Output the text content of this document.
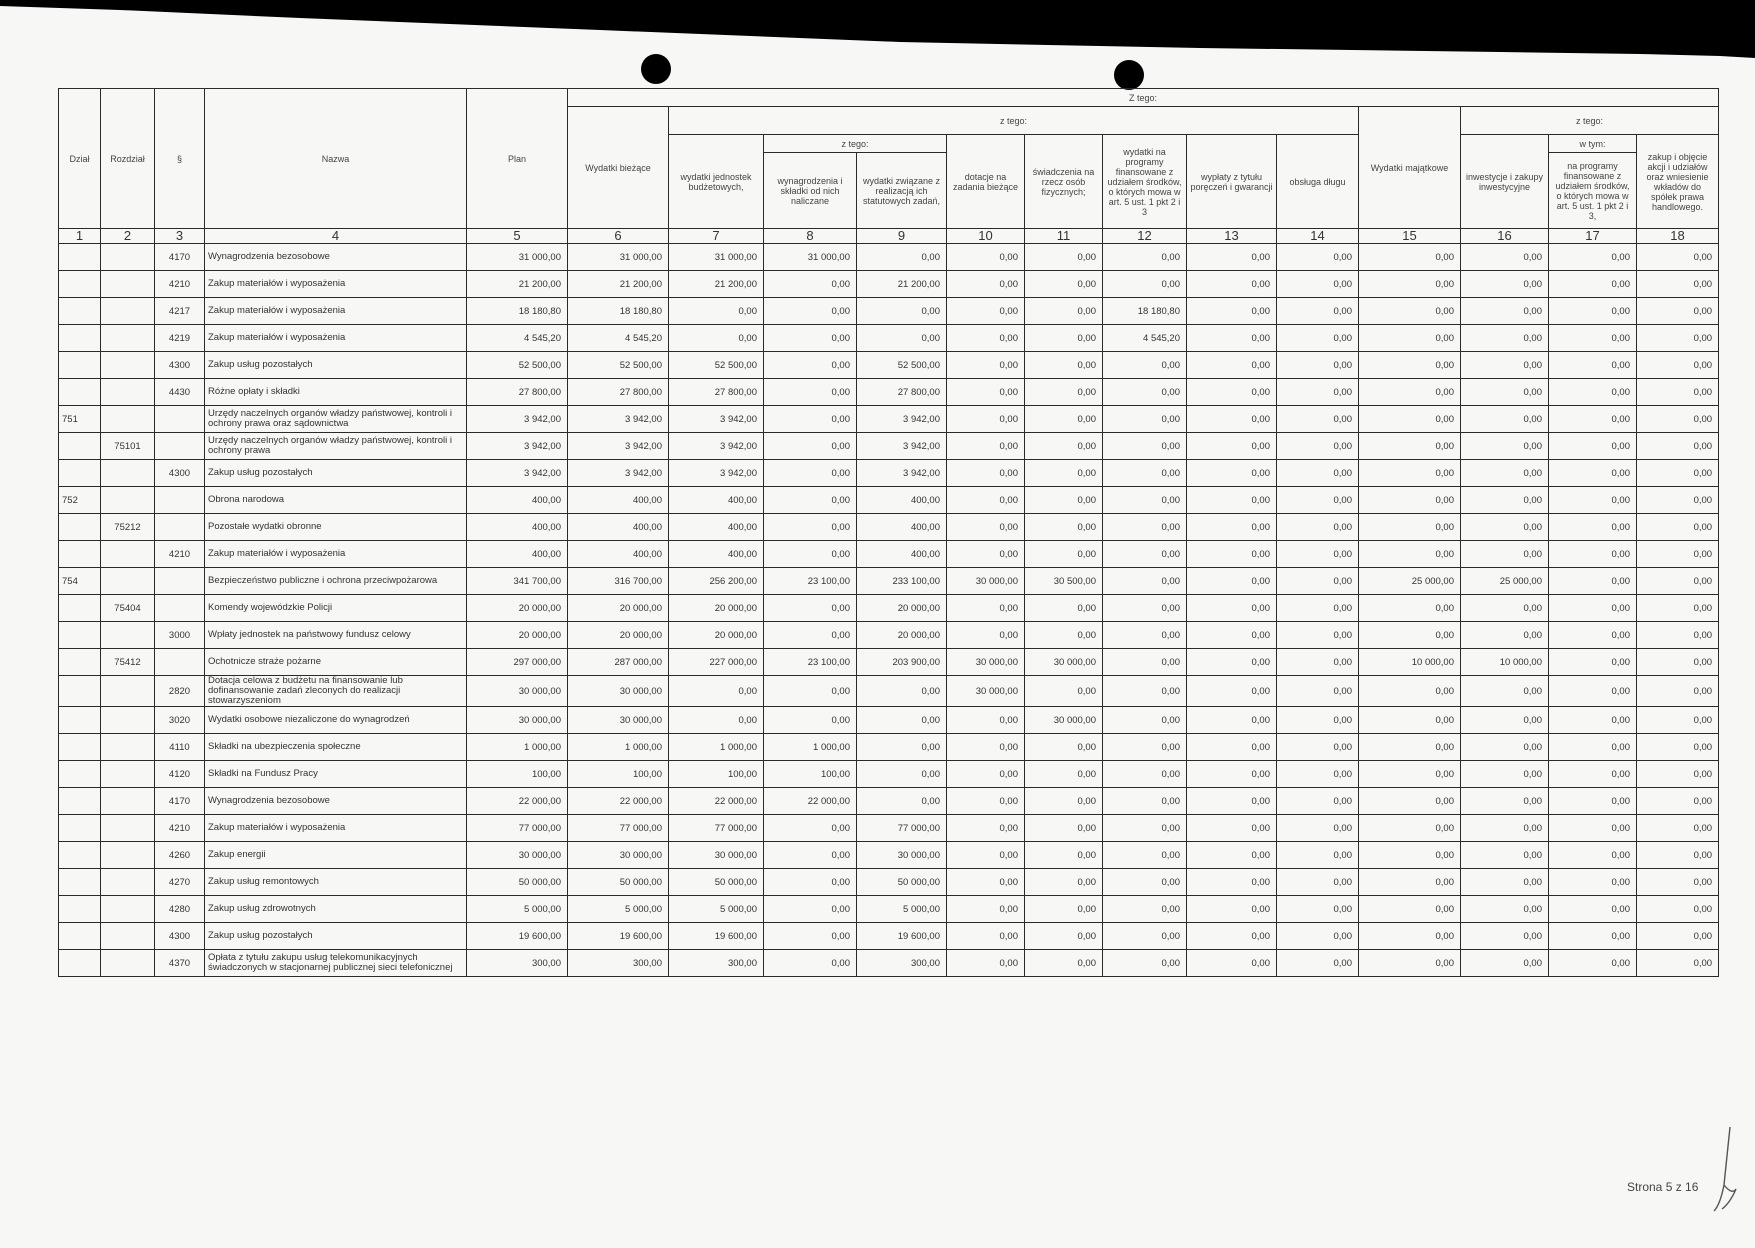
Dział	Rozdział	§	Nazwa	Plan	Z tego:												
					Wydatki bieżące	z tego:								Wydatki majątkowe	z tego:		
						wydatki jednostek budżetowych,	z tego:		dotacje na zadania bieżące	świadczenia na rzecz osób fizycznych;	wydatki na programy finansowane z udziałem środków, o których mowa w art. 5 ust. 1 pkt 2 i 3	wypłaty z tytułu poręczeń i gwarancji	obsługa długu		inwestycje i zakupy inwestycyjne	w tym:	zakup i objęcie akcji i udziałów oraz wniesienie wkładów do spółek prawa handlowego.
							wynagrodzenia i składki od nich naliczane	wydatki związane z realizacją ich statutowych zadań,								na programy finansowane z udziałem środków, o których mowa w art. 5 ust. 1 pkt 2 i 3,	
1	2	3	4	5	6	7	8	9	10	11	12	13	14	15	16	17	18
		4170	Wynagrodzenia bezosobowe	31 000,00	31 000,00	31 000,00	31 000,00	0,00	0,00	0,00	0,00	0,00	0,00	0,00	0,00	0,00	0,00
		4210	Zakup materiałów i wyposażenia	21 200,00	21 200,00	21 200,00	0,00	21 200,00	0,00	0,00	0,00	0,00	0,00	0,00	0,00	0,00	0,00
		4217	Zakup materiałów i wyposażenia	18 180,80	18 180,80	0,00	0,00	0,00	0,00	0,00	18 180,80	0,00	0,00	0,00	0,00	0,00	0,00
		4219	Zakup materiałów i wyposażenia	4 545,20	4 545,20	0,00	0,00	0,00	0,00	0,00	4 545,20	0,00	0,00	0,00	0,00	0,00	0,00
		4300	Zakup usług pozostałych	52 500,00	52 500,00	52 500,00	0,00	52 500,00	0,00	0,00	0,00	0,00	0,00	0,00	0,00	0,00	0,00
		4430	Różne opłaty i składki	27 800,00	27 800,00	27 800,00	0,00	27 800,00	0,00	0,00	0,00	0,00	0,00	0,00	0,00	0,00	0,00
751			Urzędy naczelnych organów władzy państwowej, kontroli i ochrony prawa oraz sądownictwa	3 942,00	3 942,00	3 942,00	0,00	3 942,00	0,00	0,00	0,00	0,00	0,00	0,00	0,00	0,00	0,00
	75101		Urzędy naczelnych organów władzy państwowej, kontroli i ochrony prawa	3 942,00	3 942,00	3 942,00	0,00	3 942,00	0,00	0,00	0,00	0,00	0,00	0,00	0,00	0,00	0,00
		4300	Zakup usług pozostałych	3 942,00	3 942,00	3 942,00	0,00	3 942,00	0,00	0,00	0,00	0,00	0,00	0,00	0,00	0,00	0,00
752			Obrona narodowa	400,00	400,00	400,00	0,00	400,00	0,00	0,00	0,00	0,00	0,00	0,00	0,00	0,00	0,00
	75212		Pozostałe wydatki obronne	400,00	400,00	400,00	0,00	400,00	0,00	0,00	0,00	0,00	0,00	0,00	0,00	0,00	0,00
		4210	Zakup materiałów i wyposażenia	400,00	400,00	400,00	0,00	400,00	0,00	0,00	0,00	0,00	0,00	0,00	0,00	0,00	0,00
754			Bezpieczeństwo publiczne i ochrona przeciwpożarowa	341 700,00	316 700,00	256 200,00	23 100,00	233 100,00	30 000,00	30 500,00	0,00	0,00	0,00	25 000,00	25 000,00	0,00	0,00
	75404		Komendy wojewódzkie Policji	20 000,00	20 000,00	20 000,00	0,00	20 000,00	0,00	0,00	0,00	0,00	0,00	0,00	0,00	0,00	0,00
		3000	Wpłaty jednostek na państwowy fundusz celowy	20 000,00	20 000,00	20 000,00	0,00	20 000,00	0,00	0,00	0,00	0,00	0,00	0,00	0,00	0,00	0,00
	75412		Ochotnicze straże pożarne	297 000,00	287 000,00	227 000,00	23 100,00	203 900,00	30 000,00	30 000,00	0,00	0,00	0,00	10 000,00	10 000,00	0,00	0,00
		2820	Dotacja celowa z budżetu na finansowanie lub dofinansowanie zadań zleconych do realizacji stowarzyszeniom	30 000,00	30 000,00	0,00	0,00	0,00	30 000,00	0,00	0,00	0,00	0,00	0,00	0,00	0,00	0,00
		3020	Wydatki osobowe niezaliczone do wynagrodzeń	30 000,00	30 000,00	0,00	0,00	0,00	0,00	30 000,00	0,00	0,00	0,00	0,00	0,00	0,00	0,00
		4110	Składki na ubezpieczenia społeczne	1 000,00	1 000,00	1 000,00	1 000,00	0,00	0,00	0,00	0,00	0,00	0,00	0,00	0,00	0,00	0,00
		4120	Składki na Fundusz Pracy	100,00	100,00	100,00	100,00	0,00	0,00	0,00	0,00	0,00	0,00	0,00	0,00	0,00	0,00
		4170	Wynagrodzenia bezosobowe	22 000,00	22 000,00	22 000,00	22 000,00	0,00	0,00	0,00	0,00	0,00	0,00	0,00	0,00	0,00	0,00
		4210	Zakup materiałów i wyposażenia	77 000,00	77 000,00	77 000,00	0,00	77 000,00	0,00	0,00	0,00	0,00	0,00	0,00	0,00	0,00	0,00
		4260	Zakup energii	30 000,00	30 000,00	30 000,00	0,00	30 000,00	0,00	0,00	0,00	0,00	0,00	0,00	0,00	0,00	0,00
		4270	Zakup usług remontowych	50 000,00	50 000,00	50 000,00	0,00	50 000,00	0,00	0,00	0,00	0,00	0,00	0,00	0,00	0,00	0,00
		4280	Zakup usług zdrowotnych	5 000,00	5 000,00	5 000,00	0,00	5 000,00	0,00	0,00	0,00	0,00	0,00	0,00	0,00	0,00	0,00
		4300	Zakup usług pozostałych	19 600,00	19 600,00	19 600,00	0,00	19 600,00	0,00	0,00	0,00	0,00	0,00	0,00	0,00	0,00	0,00
		4370	Opłata z tytułu zakupu usług telekomunikacyjnych świadczonych w stacjonarnej publicznej sieci telefonicznej	300,00	300,00	300,00	0,00	300,00	0,00	0,00	0,00	0,00	0,00	0,00	0,00	0,00	0,00
Strona 5 z 16
